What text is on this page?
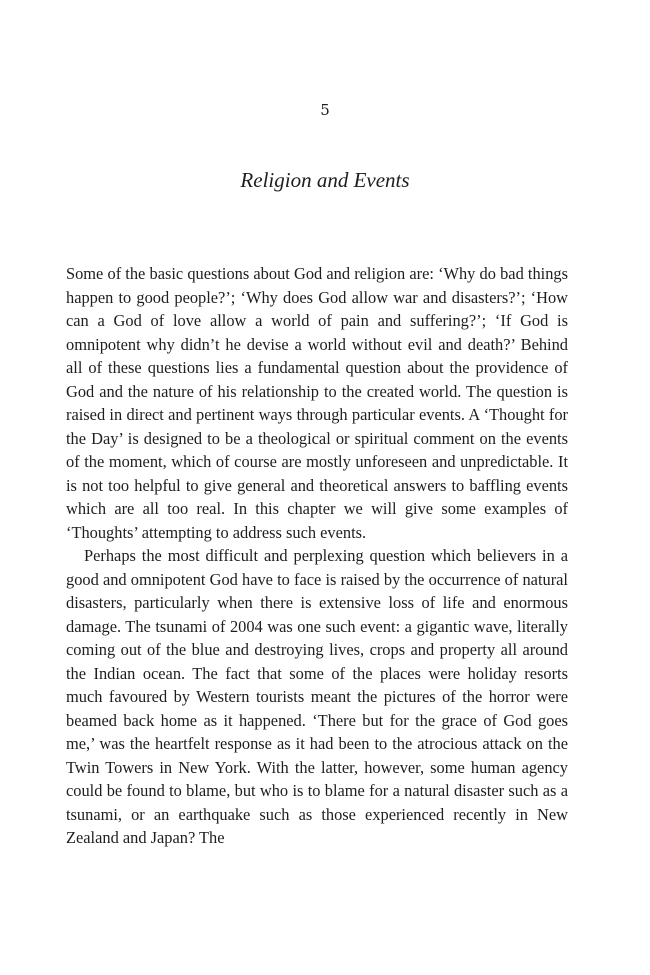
5
Religion and Events

Some of the basic questions about God and religion are: ‘Why do bad things happen to good people?’; ‘Why does God allow war and disasters?’; ‘How can a God of love allow a world of pain and suffering?’; ‘If God is omnipotent why didn’t he devise a world without evil and death?’ Behind all of these questions lies a fundamental question about the providence of God and the nature of his relationship to the created world. The question is raised in direct and pertinent ways through particular events. A ‘Thought for the Day’ is designed to be a theological or spiritual comment on the events of the moment, which of course are mostly unforeseen and unpredictable. It is not too helpful to give general and theoretical answers to baffling events which are all too real. In this chapter we will give some examples of ‘Thoughts’ attempting to address such events.

Perhaps the most difficult and perplexing question which believers in a good and omnipotent God have to face is raised by the occurrence of natural disasters, particularly when there is extensive loss of life and enormous damage. The tsunami of 2004 was one such event: a gigantic wave, literally coming out of the blue and destroying lives, crops and property all around the Indian ocean. The fact that some of the places were holiday resorts much favoured by Western tourists meant the pictures of the horror were beamed back home as it happened. ‘There but for the grace of God goes me,’ was the heartfelt response as it had been to the atrocious attack on the Twin Towers in New York. With the latter, however, some human agency could be found to blame, but who is to blame for a natural disaster such as a tsunami, or an earthquake such as those experienced recently in New Zealand and Japan? The
